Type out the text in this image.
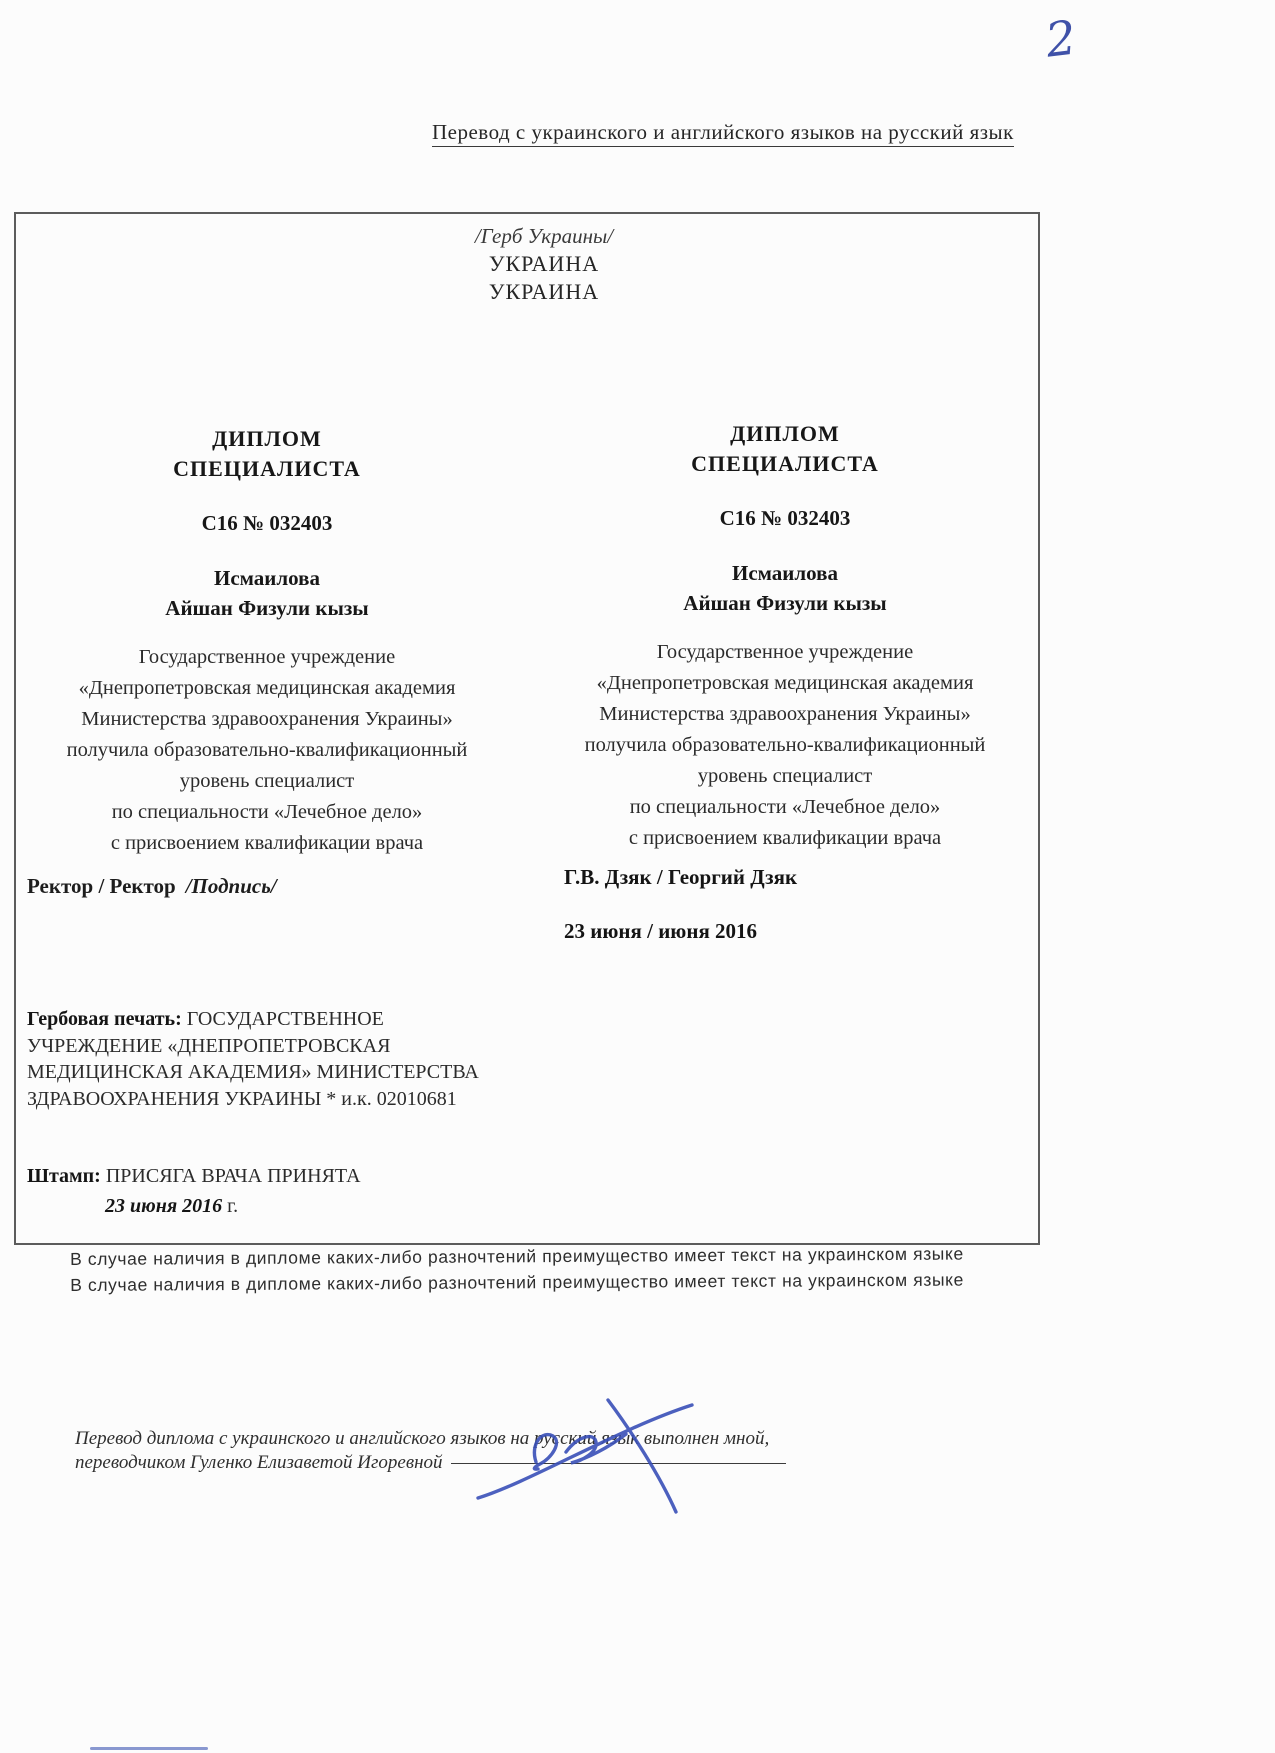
2
Перевод с украинского и английского языков на русский язык
/Герб Украины/
УКРАИНА
УКРАИНА
ДИПЛОМ
СПЕЦИАЛИСТА
С16 № 032403
Исмаилова
Айшан Физули кызы
Государственное учреждение
«Днепропетровская медицинская академия
Министерства здравоохранения Украины»
получила образовательно-квалификационный
уровень специалист
по специальности «Лечебное дело»
с присвоением квалификации врача
ДИПЛОМ
СПЕЦИАЛИСТА
С16 № 032403
Исмаилова
Айшан Физули кызы
Государственное учреждение
«Днепропетровская медицинская академия
Министерства здравоохранения Украины»
получила образовательно-квалификационный
уровень специалист
по специальности «Лечебное дело»
с присвоением квалификации врача
Ректор / Ректор /Подпись/	Г.В. Дзяк / Георгий Дзяк
23 июня / июня 2016
Гербовая печать: ГОСУДАРСТВЕННОЕ УЧРЕЖДЕНИЕ «ДНЕПРОПЕТРОВСКАЯ МЕДИЦИНСКАЯ АКАДЕМИЯ» МИНИСТЕРСТВА ЗДРАВООХРАНЕНИЯ УКРАИНЫ * и.к. 02010681
Штамп: ПРИСЯГА ВРАЧА ПРИНЯТА
23 июня 2016 г.
В случае наличия в дипломе каких-либо разночтений преимущество имеет текст на украинском языке
В случае наличия в дипломе каких-либо разночтений преимущество имеет текст на украинском языке
Перевод диплома с украинского и английского языков на русский язык выполнен мной,
переводчиком Гуленко Елизаветой Игоревной
